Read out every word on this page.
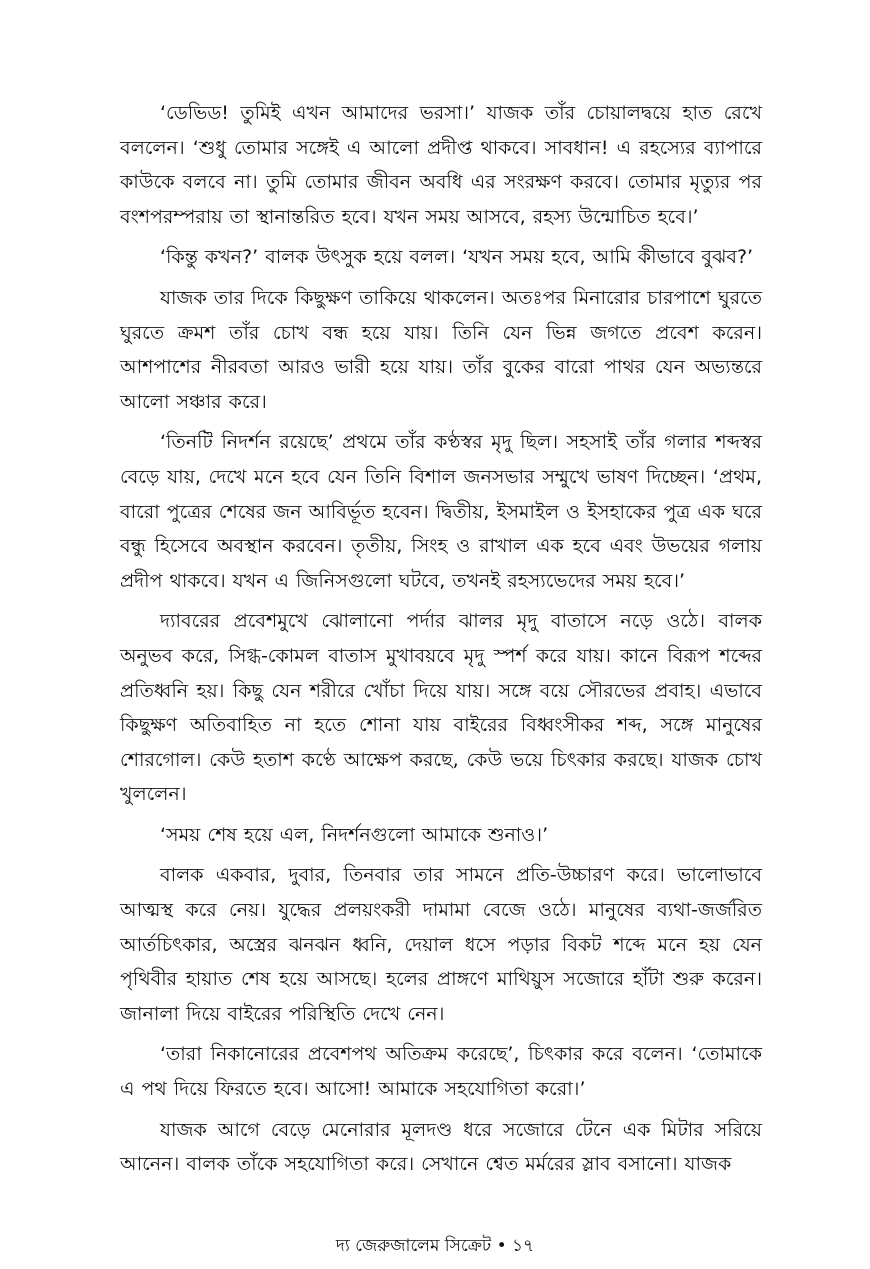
‘ডেভিড! তুমিই এখন আমাদের ভরসা।’ যাজক তাঁর চোয়ালদ্বয়ে হাত রেখে বললেন। ‘শুধু তোমার সঙ্গেই এ আলো প্রদীপ্ত থাকবে। সাবধান! এ রহস্যের ব্যাপারে কাউকে বলবে না। তুমি তোমার জীবন অবধি এর সংরক্ষণ করবে। তোমার মৃত্যুর পর বংশপরম্পরায় তা স্থানান্তরিত হবে। যখন সময় আসবে, রহস্য উন্মোচিত হবে।’

‘কিন্তু কখন?’ বালক উৎসুক হয়ে বলল। ‘যখন সময় হবে, আমি কীভাবে বুঝব?’

যাজক তার দিকে কিছুক্ষণ তাকিয়ে থাকলেন। অতঃপর মিনারোর চারপাশে ঘুরতে ঘুরতে ক্রমশ তাঁর চোখ বন্ধ হয়ে যায়। তিনি যেন ভিন্ন জগতে প্রবেশ করেন। আশপাশের নীরবতা আরও ভারী হয়ে যায়। তাঁর বুকের বারো পাথর যেন অভ্যন্তরে আলো সঞ্চার করে।

‘তিনটি নিদর্শন রয়েছে’ প্রথমে তাঁর কণ্ঠস্বর মৃদু ছিল। সহসাই তাঁর গলার শব্দস্বর বেড়ে যায়, দেখে মনে হবে যেন তিনি বিশাল জনসভার সম্মুখে ভাষণ দিচ্ছেন। ‘প্রথম, বারো পুত্রের শেষের জন আবির্ভূত হবেন। দ্বিতীয়, ইসমাইল ও ইসহাকের পুত্র এক ঘরে বন্ধু হিসেবে অবস্থান করবেন। তৃতীয়, সিংহ ও রাখাল এক হবে এবং উভয়ের গলায় প্রদীপ থাকবে। যখন এ জিনিসগুলো ঘটবে, তখনই রহস্যভেদের সময় হবে।’

দ্যাবরের প্রবেশমুখে ঝোলানো পর্দার ঝালর মৃদু বাতাসে নড়ে ওঠে। বালক অনুভব করে, সিগ্ধ-কোমল বাতাস মুখাবয়বে মৃদু স্পর্শ করে যায়। কানে বিরূপ শব্দের প্রতিধ্বনি হয়। কিছু যেন শরীরে খোঁচা দিয়ে যায়। সঙ্গে বয়ে সৌরভের প্রবাহ। এভাবে কিছুক্ষণ অতিবাহিত না হতে শোনা যায় বাইরের বিধ্বংসীকর শব্দ, সঙ্গে মানুষের শোরগোল। কেউ হতাশ কণ্ঠে আক্ষেপ করছে, কেউ ভয়ে চিৎকার করছে। যাজক চোখ খুললেন।

‘সময় শেষ হয়ে এল, নিদর্শনগুলো আমাকে শুনাও।’

বালক একবার, দুবার, তিনবার তার সামনে প্রতি-উচ্চারণ করে। ভালোভাবে আত্মস্থ করে নেয়। যুদ্ধের প্রলয়ংকরী দামামা বেজে ওঠে। মানুষের ব্যথা-জর্জরিত আর্তচিৎকার, অস্ত্রের ঝনঝন ধ্বনি, দেয়াল ধসে পড়ার বিকট শব্দে মনে হয় যেন পৃথিবীর হায়াত শেষ হয়ে আসছে। হলের প্রাঙ্গণে মাথিয়ুস সজোরে হাঁটা শুরু করেন। জানালা দিয়ে বাইরের পরিস্থিতি দেখে নেন।

‘তারা নিকানোরের প্রবেশপথ অতিক্রম করেছে’, চিৎকার করে বলেন। ‘তোমাকে এ পথ দিয়ে ফিরতে হবে। আসো! আমাকে সহযোগিতা করো।’

যাজক আগে বেড়ে মেনোরার মূলদণ্ড ধরে সজোরে টেনে এক মিটার সরিয়ে আনেন। বালক তাঁকে সহযোগিতা করে। সেখানে শ্বেত মর্মরের স্লাব বসানো। যাজক

দ্য জেরুজালেম সিক্রেট • ১৭
